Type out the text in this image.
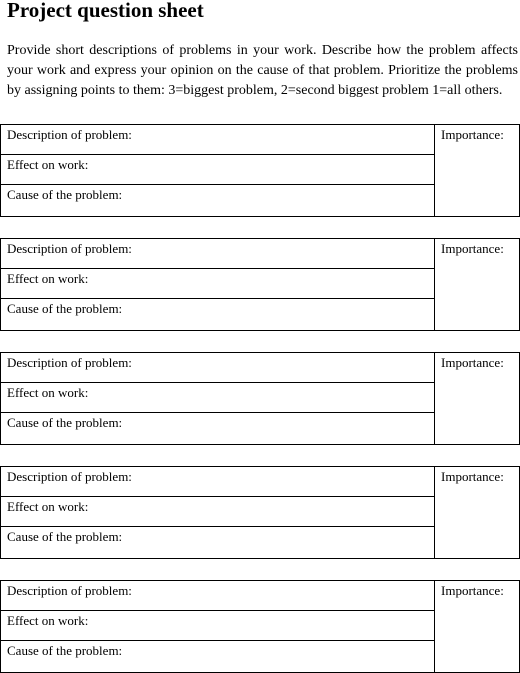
Project question sheet

Provide short descriptions of problems in your work. Describe how the problem affects your work and express your opinion on the cause of that problem. Prioritize the problems by assigning points to them: 3=biggest problem, 2=second biggest problem 1=all others.

Description of problem:
Effect on work:
Cause of the problem:
Importance:
Description of problem:
Effect on work:
Cause of the problem:
Importance:
Description of problem:
Effect on work:
Cause of the problem:
Importance:
Description of problem:
Effect on work:
Cause of the problem:
Importance:
Description of problem:
Effect on work:
Cause of the problem:
Importance:
